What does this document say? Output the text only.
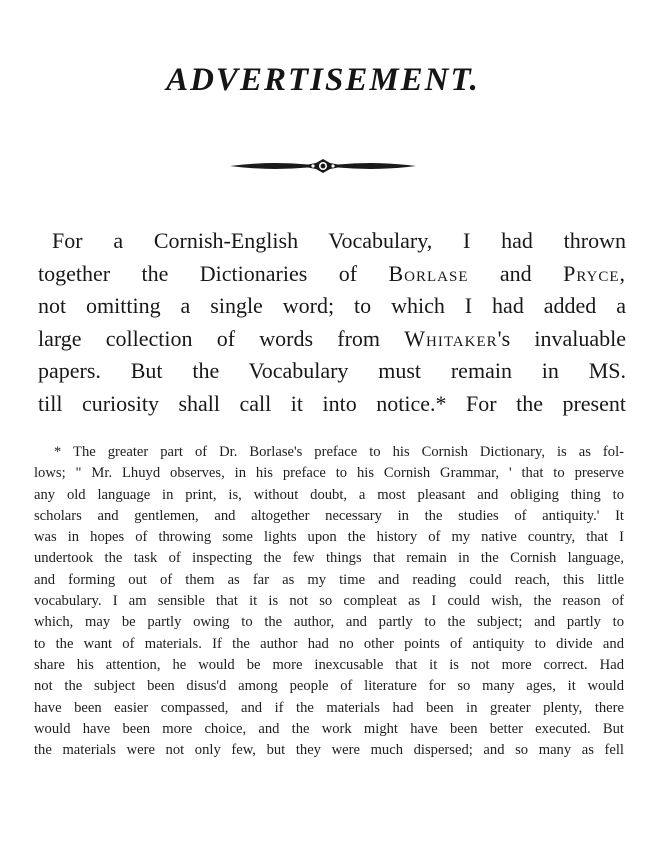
ADVERTISEMENT.
For a Cornish-English Vocabulary, I had thrown
together the Dictionaries of Borlase and Pryce,
not omitting a single word; to which I had added a
large collection of words from Whitaker's invaluable
papers. But the Vocabulary must remain in MS.
till curiosity shall call it into notice.* For the present
* The greater part of Dr. Borlase's preface to his Cornish Dictionary, is as fol-
lows; " Mr. Lhuyd observes, in his preface to his Cornish Grammar, ' that to preserve
any old language in print, is, without doubt, a most pleasant and obliging thing to
scholars and gentlemen, and altogether necessary in the studies of antiquity.' It
was in hopes of throwing some lights upon the history of my native country, that I
undertook the task of inspecting the few things that remain in the Cornish language,
and forming out of them as far as my time and reading could reach, this little
vocabulary. I am sensible that it is not so compleat as I could wish, the reason of
which, may be partly owing to the author, and partly to the subject; and partly to
to the want of materials. If the author had no other points of antiquity to divide and
share his attention, he would be more inexcusable that it is not more correct. Had
not the subject been disus'd among people of literature for so many ages, it would
have been easier compassed, and if the materials had been in greater plenty, there
would have been more choice, and the work might have been better executed. But
the materials were not only few, but they were much dispersed; and so many as fell
